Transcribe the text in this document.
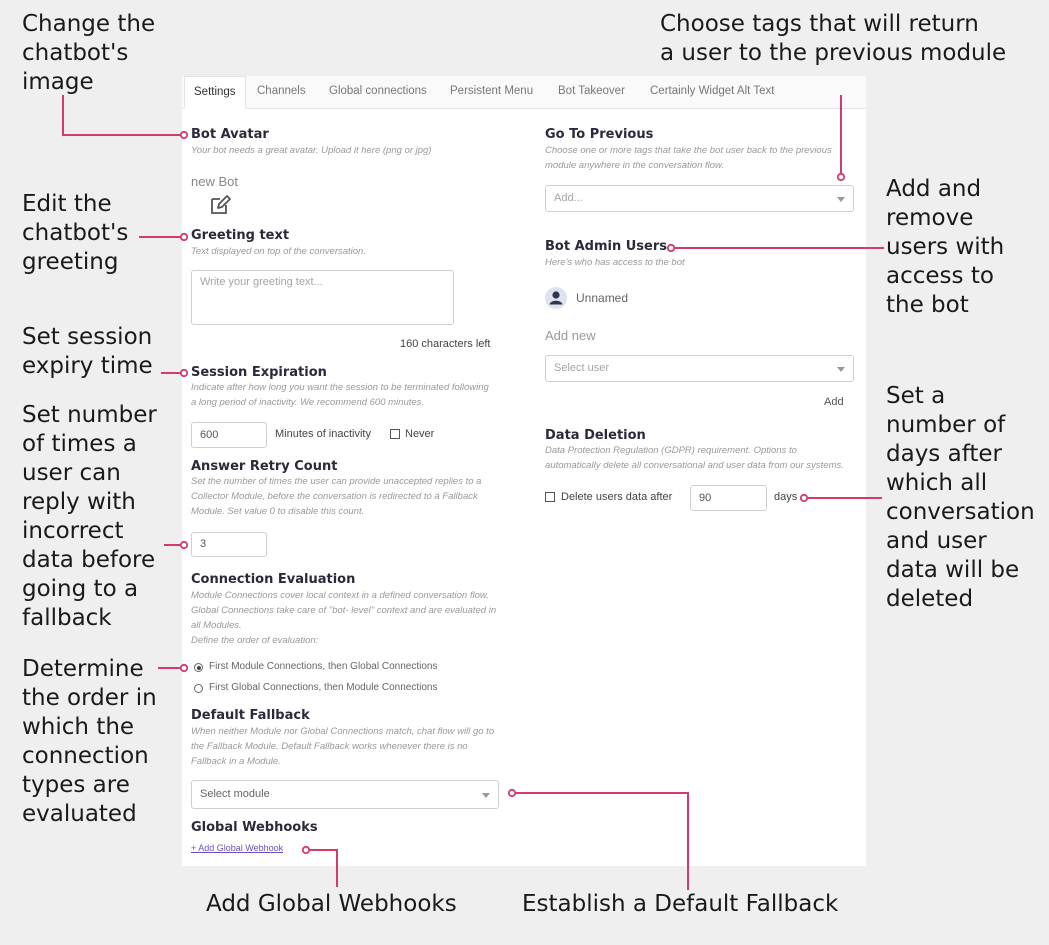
Change the
chatbot's
image
Choose tags that will return
a user to the previous module
Edit the
chatbot's
greeting
Add and
remove
users with
access to
the bot
Set session
expiry time
Set number
of times a
user can
reply with
incorrect
data before
going to a
fallback
Set a
number of
days after
which all
conversation
and user
data will be
deleted
Determine
the order in
which the
connection
types are
evaluated
Add Global Webhooks	Establish a Default Fallback
Settings	Channels	Global connections	Persistent Menu	Bot Takeover	Certainly Widget Alt Text
Bot Avatar
Your bot needs a great avatar. Upload it here (png or jpg)
new Bot
Greeting text
Text displayed on top of the conversation.
Write your greeting text...
160 characters left
Session Expiration
Indicate after how long you want the session to be terminated following
a long period of inactivity. We recommend 600 minutes.
600	Minutes of inactivity	Never
Answer Retry Count
Set the number of times the user can provide unaccepted replies to a
Collector Module, before the conversation is redirected to a Fallback
Module. Set value 0 to disable this count.
3
Connection Evaluation
Module Connections cover local context in a defined conversation flow.
Global Connections take care of "bot- level" context and are evaluated in
all Modules.
Define the order of evaluation:
First Module Connections, then Global Connections
First Global Connections, then Module Connections
Default Fallback
When neither Module nor Global Connections match, chat flow will go to
the Fallback Module. Default Fallback works whenever there is no
Fallback in a Module.
Select module
Global Webhooks
+ Add Global Webhook
Go To Previous
Choose one or more tags that take the bot user back to the previous
module anywhere in the conversation flow.
Add...
Bot Admin Users
Here's who has access to the bot
Unnamed
Add new
Select user
Add
Data Deletion
Data Protection Regulation (GDPR) requirement. Options to
automatically delete all conversational and user data from our systems.
Delete users data after	90	days
